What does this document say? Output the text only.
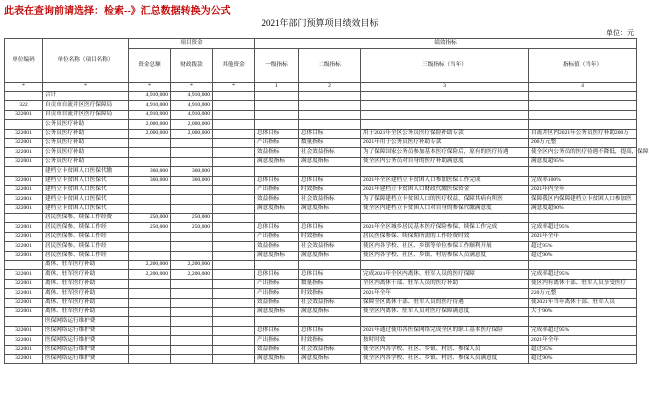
此表在查询前请选择：检索--》汇总数据转换为公式
2021年部门预算项目绩效目标
单位：元
单位编码	单位名称（项目名称）	项目资金			绩效指标			
		资金总额	财政拨款	其他资金	一级指标	二级指标	三级指标（当年）	指标值（当年）
*	*	*	*	*	1	2	3	4
	合计	4,910,000	4,910,000					
322	自贡市自流井区医疗保障局	4,910,000	4,910,000					
322001	自贡市自流井区医疗保障局	4,910,000	4,910,000					
	公务员医疗补助	2,000,000	2,000,000					
322001	公务员医疗补助	2,000,000	2,000,000		总体目标	总体目标	用于2021年全区公务员医疗保险补助专款	自流井区内2021年公务员医疗补助200万
322001	公务员医疗补助				产出指标	数量指标	2021年用于公务员医疗补助专款	200万元整
322001	公务员医疗补助				效益指标	社会效益指标	为了保障国家公务员参加基本医疗保险后，原有的医疗待遇	使全区内公务员的医疗待遇不降低，提高，保障
322001	公务员医疗补助				满意度指标	满意度指标	使全区内公务员对自身的医疗补助满意度	满意度超95%
	建档立卡贫困人口医保代缴	360,000	360,000					
322001	建档立卡贫困人口医保代	360,000	360,000		总体目标	总体目标	2021年全区建档立卡贫困人口参加医保工作完成	完成率100%
322001	建档立卡贫困人口医保代				产出指标	时效指标	2021年建档立卡贫困人口财政代缴医保资金	2021年内全年
322001	建档立卡贫困人口医保代				效益指标	社会效益指标	为了保障建档立卡贫困人口的医疗权益，保障其病有所医	保障我区内保障建档立卡贫困人口参加医
322001	建档立卡贫困人口医保代				满意度指标	满意度指标	使全区内建档立卡贫困人口对自身的参保代缴满意度	满意度超90%
	居民医保参、续保工作经费	250,000	250,000					
322001	居民医保参、续保工作经	250,000	250,000		总体目标	总体目标	2021年全区城乡居民基本医疗保险参保、续保工作完成	完成率超过95%
322001	居民医保参、续保工作经				产出指标	时效指标	居民医保参保、续保期所需的工作经费时效	2021年全年
322001	居民医保参、续保工作经				效益指标	社会效益指标	使区内各学校、社区、乡镇等单位参保工作顺利开展	超过95%
322001	居民医保参、续保工作经				满意度指标	满意度指标	使区内各学校、社区、乡镇、村居参保人员满意度	超过90%
	离休、驻军医疗补助	2,200,000	2,200,000					
322001	离休、驻军医疗补助	2,200,000	2,200,000		总体目标	总体目标	完成2021年全区内离休、驻军人员的医疗保障	完成率超过95%
322001	离休、驻军医疗补助				产出指标	数量指标	全区内离休干部、驻军人员的医疗补助	使区内有离休干部、驻军人员享受医疗
322001	离休、驻军医疗补助				产出指标	时效指标	2021年全年	220万元整
322001	离休、驻军医疗补助				效益指标	社会效益指标	保障全区离休干部、驻军人员的医疗待遇	使2021年当年离休干部、驻军人员
322001	离休、驻军医疗补助				满意度指标	满意度指标	使全区内离休、驻军人员对医疗保障满意度	大于90%
	医保网络运行维护费							
322001	医保网络运行维护费				总体目标	总体目标	2021年通过使用各医保网络完成全区的职工基本医疗保险	完成率超过95%
322001	医保网络运行维护费				产出指标	时效指标	按时时效	2021年全年
322001	医保网络运行维护费				效益指标	社会效益指标	使全区内各学校、社区、乡镇、村居、参保人员	超过95%
322001	医保网络运行维护费				满意度指标	满意度指标	使全区内各学校、社区、乡镇、村居、参保人员满意度	超过90%
